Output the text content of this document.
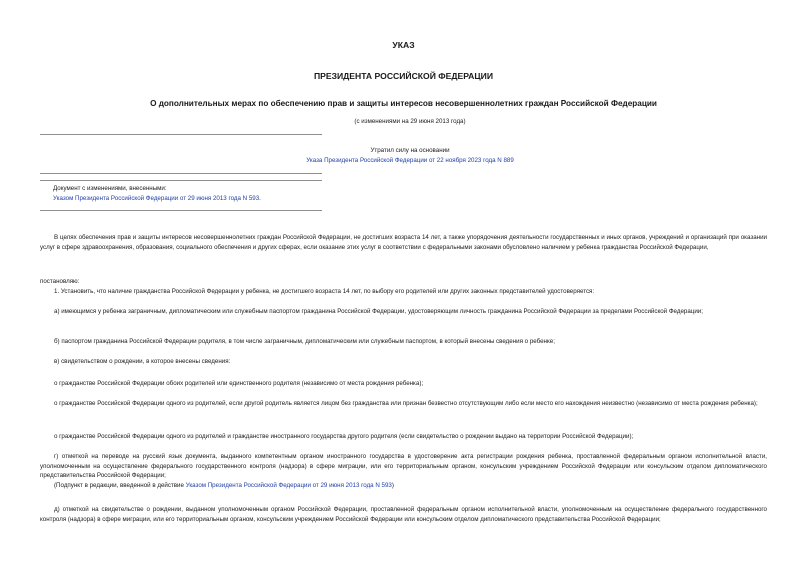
УКАЗ
ПРЕЗИДЕНТА РОССИЙСКОЙ ФЕДЕРАЦИИ
О дополнительных мерах по обеспечению прав и защиты интересов несовершеннолетних граждан Российской Федерации
(с изменениями на 29 июня 2013 года)
Утратил силу на основании
Указа Президента Российской Федерации от 22 ноября 2023 года N 889
Документ с изменениями, внесенными:
Указом Президента Российской Федерации от 29 июня 2013 года N 593.
В целях обеспечения прав и защиты интересов несовершеннолетних граждан Российской Федерации, не достигших возраста 14 лет, а также упорядочения деятельности государственных и иных органов, учреждений и организаций при оказании услуг в сфере здравоохранения, образования, социального обеспечения и других сферах, если оказание этих услуг в соответствии с федеральными законами обусловлено наличием у ребенка гражданства Российской Федерации,
постановляю:
1. Установить, что наличие гражданства Российской Федерации у ребенка, не достигшего возраста 14 лет, по выбору его родителей или других законных представителей удостоверяется:
а) имеющимся у ребенка заграничным, дипломатическим или служебным паспортом гражданина Российской Федерации, удостоверяющим личность гражданина Российской Федерации за пределами Российской Федерации;
б) паспортом гражданина Российской Федерации родителя, в том числе заграничным, дипломатическим или служебным паспортом, в который внесены сведения о ребенке;
в) свидетельством о рождении, в которое внесены сведения:
о гражданстве Российской Федерации обоих родителей или единственного родителя (независимо от места рождения ребенка);
о гражданстве Российской Федерации одного из родителей, если другой родитель является лицом без гражданства или признан безвестно отсутствующим либо если место его нахождения неизвестно (независимо от места рождения ребенка);
о гражданстве Российской Федерации одного из родителей и гражданстве иностранного государства другого родителя (если свидетельство о рождении выдано на территории Российской Федерации);
г) отметкой на переводе на русский язык документа, выданного компетентным органом иностранного государства в удостоверение акта регистрации рождения ребенка, проставленной федеральным органом исполнительной власти, уполномоченным на осуществление федерального государственного контроля (надзора) в сфере миграции, или его территориальным органом, консульским учреждением Российской Федерации или консульским отделом дипломатического представительства Российской Федерации;
(Подпункт в редакции, введенной в действие Указом Президента Российской Федерации от 29 июня 2013 года N 593)
д) отметкой на свидетельстве о рождении, выданном уполномоченным органом Российской Федерации, проставленной федеральным органом исполнительной власти, уполномоченным на осуществление федерального государственного контроля (надзора) в сфере миграции, или его территориальным органом, консульским учреждением Российской Федерации или консульским отделом дипломатического представительства Российской Федерации;
